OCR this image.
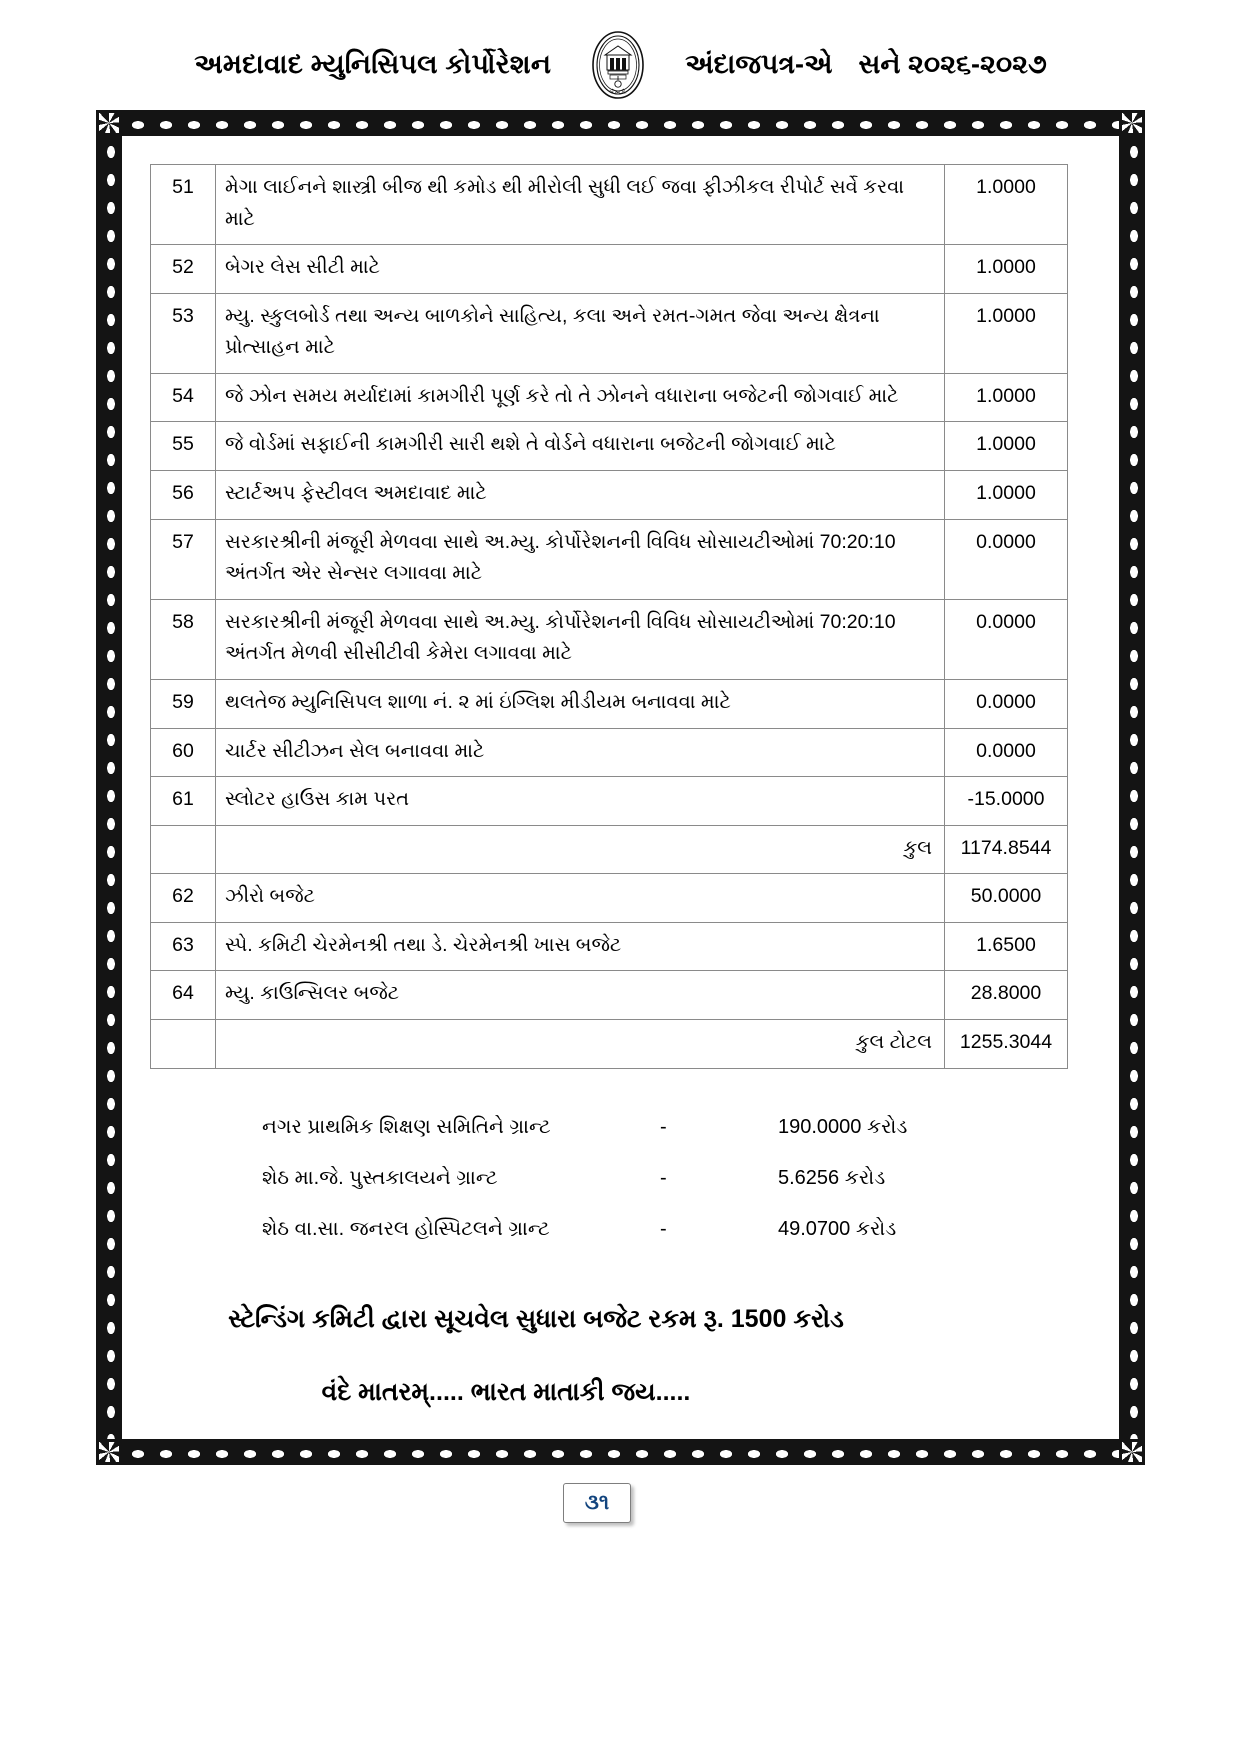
અમદાવાદ મ્યુનિસિપલ કોર્પોરેશન
અ.મ્યુ.કો.
અંદાજપત્ર-એ સને ૨૦૨૬-૨૦૨૭
51	મેગા લાઈનને શાસ્ત્રી બીજ થી કમોડ થી મીરોલી સુધી લઈ જવા ફીઝીકલ રીપોર્ટ સર્વે કરવા માટે	1.0000
52	બેગર લેસ સીટી માટે	1.0000
53	મ્યુ. સ્કુલબોર્ડ તથા અન્ય બાળકોને સાહિત્ય, કલા અને રમત-ગમત જેવા અન્ય ક્ષેત્રના પ્રોત્સાહન માટે	1.0000
54	જે ઝોન સમય મર્યાદામાં કામગીરી પૂર્ણ કરે તો તે ઝોનને વધારાના બજેટની જોગવાઈ માટે	1.0000
55	જે વોર્ડમાં સફાઈની કામગીરી સારી થશે તે વોર્ડને વધારાના બજેટની જોગવાઈ માટે	1.0000
56	સ્ટાર્ટઅપ ફેસ્ટીવલ અમદાવાદ માટે	1.0000
57	સરકારશ્રીની મંજૂરી મેળવવા સાથે અ.મ્યુ. કોર્પોરેશનની વિવિધ સોસાયટીઓમાં 70:20:10 અંતર્ગત એર સેન્સર લગાવવા માટે	0.0000
58	સરકારશ્રીની મંજૂરી મેળવવા સાથે અ.મ્યુ. કોર્પોરેશનની વિવિધ સોસાયટીઓમાં 70:20:10 અંતર્ગત મેળવી સીસીટીવી કેમેરા લગાવવા માટે	0.0000
59	થલતેજ મ્યુનિસિપલ શાળા નં. ૨ માં ઇંગ્લિશ મીડીયમ બનાવવા માટે	0.0000
60	ચાર્ટર સીટીઝન સેલ બનાવવા માટે	0.0000
61	સ્લોટર હાઉસ કામ પરત	-15.0000
	કુલ	1174.8544
62	ઝીરો બજેટ	50.0000
63	સ્પે. કમિટી ચેરમેનશ્રી તથા ડે. ચેરમેનશ્રી ખાસ બજેટ	1.6500
64	મ્યુ. કાઉન્સિલર બજેટ	28.8000
	કુલ ટોટલ	1255.3044
નગર પ્રાથમિક શિક્ષણ સમિતિને ગ્રાન્ટ	-	190.0000 કરોડ
શેઠ મા.જે. પુસ્તકાલયને ગ્રાન્ટ	-	5.6256 કરોડ
શેઠ વા.સા. જનરલ હોસ્પિટલને ગ્રાન્ટ	-	49.0700 કરોડ
સ્ટેન્ડિંગ કમિટી દ્વારા સૂચવેલ સુધારા બજેટ રકમ રૂ. 1500 કરોડ
વંદે માતરમ્..... ભારત માતાકી જય.....
૩૧
